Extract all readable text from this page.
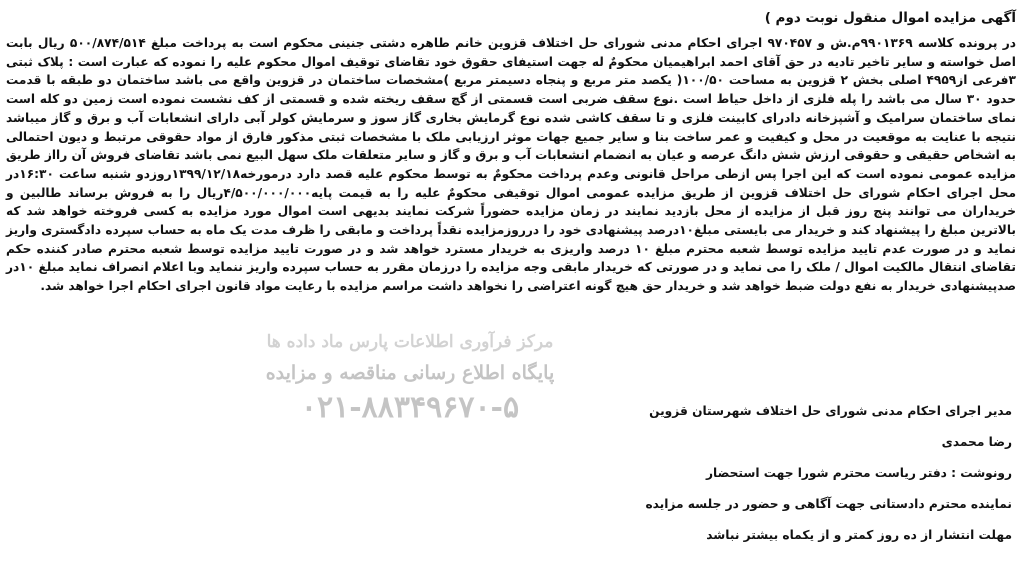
مرکز فرآوری اطلاعات پارس ماد داده ها
پایگاه اطلاع رسانی مناقصه و مزایده
۰۲۱-۸۸۳۴۹۶۷۰-۵
آگهی مزایده اموال منقول نوبت دوم )

در پرونده کلاسه ۹۹۰۱۳۶۹م.ش و ۹۷۰۴۵۷ اجرای احکام مدنی شورای حل اختلاف قزوین خانم طاهره دشتی جنینی محکوم است به پرداخت مبلغ ۵۰۰/۸۷۴/۵۱۴ ریال بابت اصل خواسته و سایر تاخیر تادیه در حق آقای احمد ابراهیمیان محکومٌ له جهت استیفای حقوق خود تقاضای توقیف اموال محکوم علیه را نموده که عبارت است : پلاک ثبتی ۳فرعی از۴۹۵۹ اصلی بخش ۲ قزوین به مساحت ۱۰۰/۵۰( یکصد متر مربع و پنجاه دسیمتر مربع )مشخصات ساختمان در قزوین واقع می باشد ساختمان دو طبقه با قدمت حدود ۳۰ سال می باشد را پله فلزی از داخل حیاط است .نوع سقف ضربی است قسمتی از گچ سقف ریخته شده و قسمتی از کف نشست نموده است زمین دو کله است نمای ساختمان سرامیک و آشپزخانه دادرای کابینت فلزی و تا سقف کاشی شده نوع گرمایش بخاری گاز سوز و سرمایش کولر آبی دارای انشعابات آب و برق و گاز میباشد نتیجه با عنایت به موقعیت در محل و کیفیت و عمر ساخت بنا و سایر جمیع جهات موثر ارزیابی ملک با مشخصات ثبتی مذکور فارق از مواد حقوقی مرتبط و دیون احتمالی به اشخاص حقیقی و حقوقی ارزش شش دانگ عرصه و عیان به انضمام انشعابات آب و برق و گاز و سایر متعلقات ملک سهل البیع نمی باشد تقاضای فروش آن رااز طریق مزایده عمومی نموده است که این اجرا پس ازطی مراحل قانونی وعدم پرداخت محکومٌ به توسط محکوم علیه قصد دارد درمورخه۱۳۹۹/۱۲/۱۸روزدو شنبه ساعت ۱۶:۳۰در محل اجرای احکام شورای حل اختلاف قزوین از طریق مزایده عمومی اموال توقیفی محکومٌ علیه را به قیمت پایه۴/۵۰۰/۰۰۰/۰۰۰ریال را به فروش برساند طالبین و خریداران می توانند پنج روز قبل از مزایده از محل بازدید نمایند در زمان مزایده حضوراً شرکت نمایند بدیهی است اموال مورد مزایده به کسی فروخته خواهد شد که بالاترین مبلغ را پیشنهاد کند و خریدار می بایستی مبلغ۱۰درصد پیشنهادی خود را درروزمزایده نقداً پرداخت و مابقی را ظرف مدت یک ماه به حساب سپرده دادگستری واریز نماید و در صورت عدم تایید مزایده توسط شعبه محترم مبلغ ۱۰ درصد واریزی به خریدار مسترد خواهد شد و در صورت تایید مزایده توسط شعبه محترم صادر کننده حکم تقاضای انتقال مالکیت اموال / ملک را می نماید و در صورتی که خریدار مابقی وجه مزایده را درزمان مقرر به حساب سپرده واریز ننماید وبا اعلام انصراف نماید مبلغ ۱۰در صدپیشنهادی خریدار به نفع دولت ضبط خواهد شد و خریدار حق هیچ گونه اعتراضی را نخواهد داشت مراسم مزایده با رعایت مواد قانون اجرای احکام اجرا خواهد شد.

مدیر اجرای احکام مدنی شورای حل اختلاف شهرستان قزوین
رضا محمدی
رونوشت : دفتر ریاست محترم شورا جهت استحضار
نماینده محترم دادستانی جهت آگاهی و حضور در جلسه مزایده
مهلت انتشار از ده روز کمتر و از یکماه بیشتر نباشد
